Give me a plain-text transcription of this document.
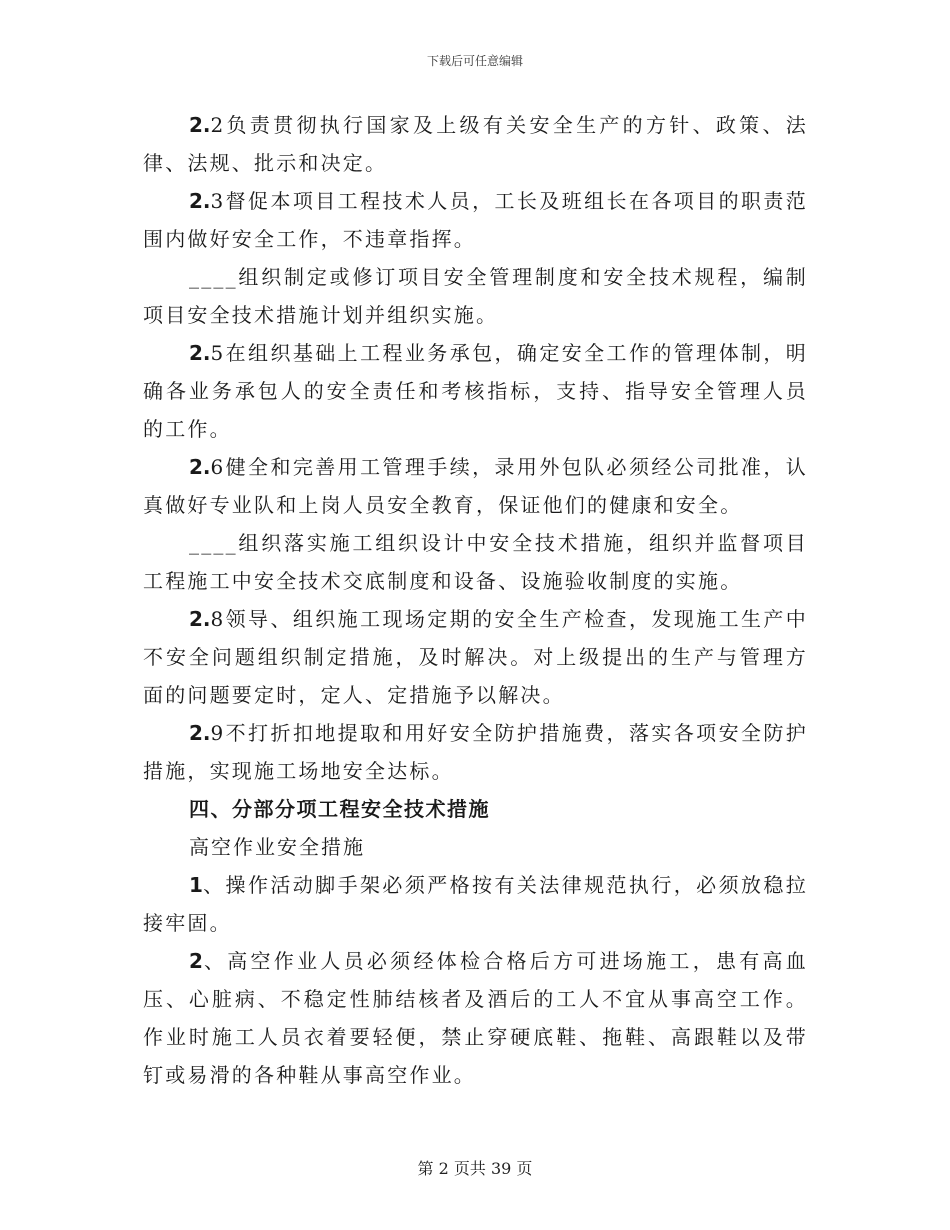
下载后可任意编辑

2.2负责贯彻执行国家及上级有关安全生产的方针、政策、法律、法规、批示和决定。

2.3督促本项目工程技术人员，工长及班组长在各项目的职责范围内做好安全工作，不违章指挥。

____组织制定或修订项目安全管理制度和安全技术规程，编制项目安全技术措施计划并组织实施。

2.5在组织基础上工程业务承包，确定安全工作的管理体制，明确各业务承包人的安全责任和考核指标，支持、指导安全管理人员的工作。

2.6健全和完善用工管理手续，录用外包队必须经公司批准，认真做好专业队和上岗人员安全教育，保证他们的健康和安全。

____组织落实施工组织设计中安全技术措施，组织并监督项目工程施工中安全技术交底制度和设备、设施验收制度的实施。

2.8领导、组织施工现场定期的安全生产检查，发现施工生产中不安全问题组织制定措施，及时解决。对上级提出的生产与管理方面的问题要定时，定人、定措施予以解决。

2.9不打折扣地提取和用好安全防护措施费，落实各项安全防护措施，实现施工场地安全达标。

四、分部分项工程安全技术措施

高空作业安全措施

1、操作活动脚手架必须严格按有关法律规范执行，必须放稳拉接牢固。

2、高空作业人员必须经体检合格后方可进场施工，患有高血压、心脏病、不稳定性肺结核者及酒后的工人不宜从事高空工作。作业时施工人员衣着要轻便，禁止穿硬底鞋、拖鞋、高跟鞋以及带钉或易滑的各种鞋从事高空作业。

第 2 页共 39 页
